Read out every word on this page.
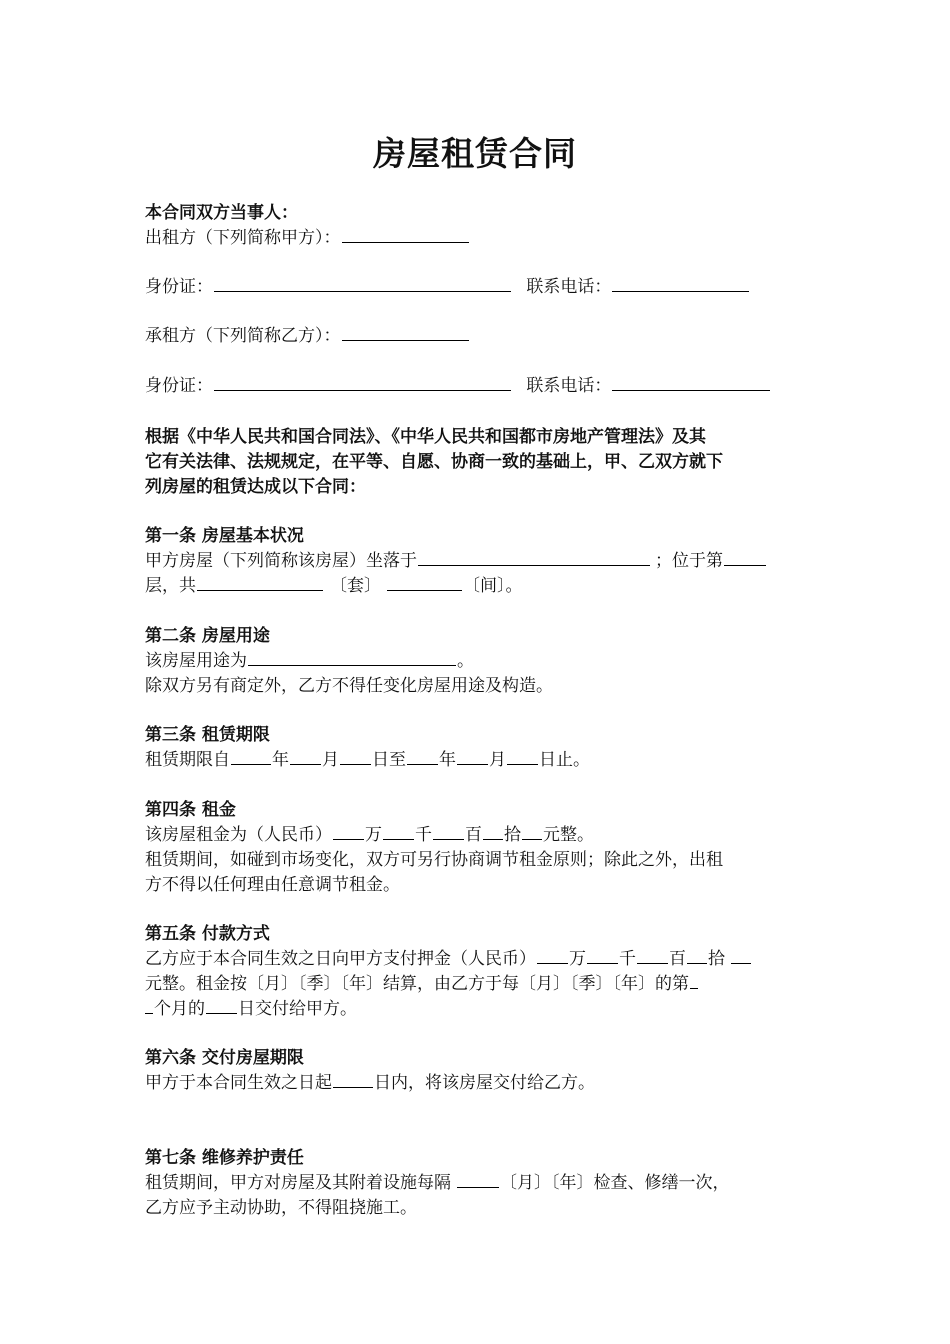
房屋租赁合同
本合同双方当事人：
出租方（下列简称甲方）：
身份证：	联系电话：
承租方（下列简称乙方）：
身份证：	联系电话：
根据《中华人民共和国合同法》、《中华人民共和国都市房地产管理法》及其
它有关法律、法规规定，在平等、自愿、协商一致的基础上，甲、乙双方就下
列房屋的租赁达成以下合同：
第一条 房屋基本状况
甲方房屋（下列简称该房屋）坐落于	；位于第
层，共	〔套〕	〔间〕。
第二条 房屋用途
该房屋用途为	。
除双方另有商定外，乙方不得任变化房屋用途及构造。
第三条 租赁期限
租赁期限自 年 月 日至 年 月 日止。
第四条 租金
该房屋租金为（人民币） 万 千 百 拾 元整。
租赁期间，如碰到市场变化，双方可另行协商调节租金原则；除此之外，出租
方不得以任何理由任意调节租金。
第五条 付款方式
乙方应于本合同生效之日向甲方支付押金（人民币） 万 千 百 拾
元整。租金按〔月〕〔季〕〔年〕结算，由乙方于每〔月〕〔季〕〔年〕的第
个月的 日交付给甲方。
第六条 交付房屋期限
甲方于本合同生效之日起 日内，将该房屋交付给乙方。
第七条 维修养护责任
租赁期间，甲方对房屋及其附着设施每隔	〔月〕〔年〕检查、修缮一次，
乙方应予主动协助，不得阻挠施工。
